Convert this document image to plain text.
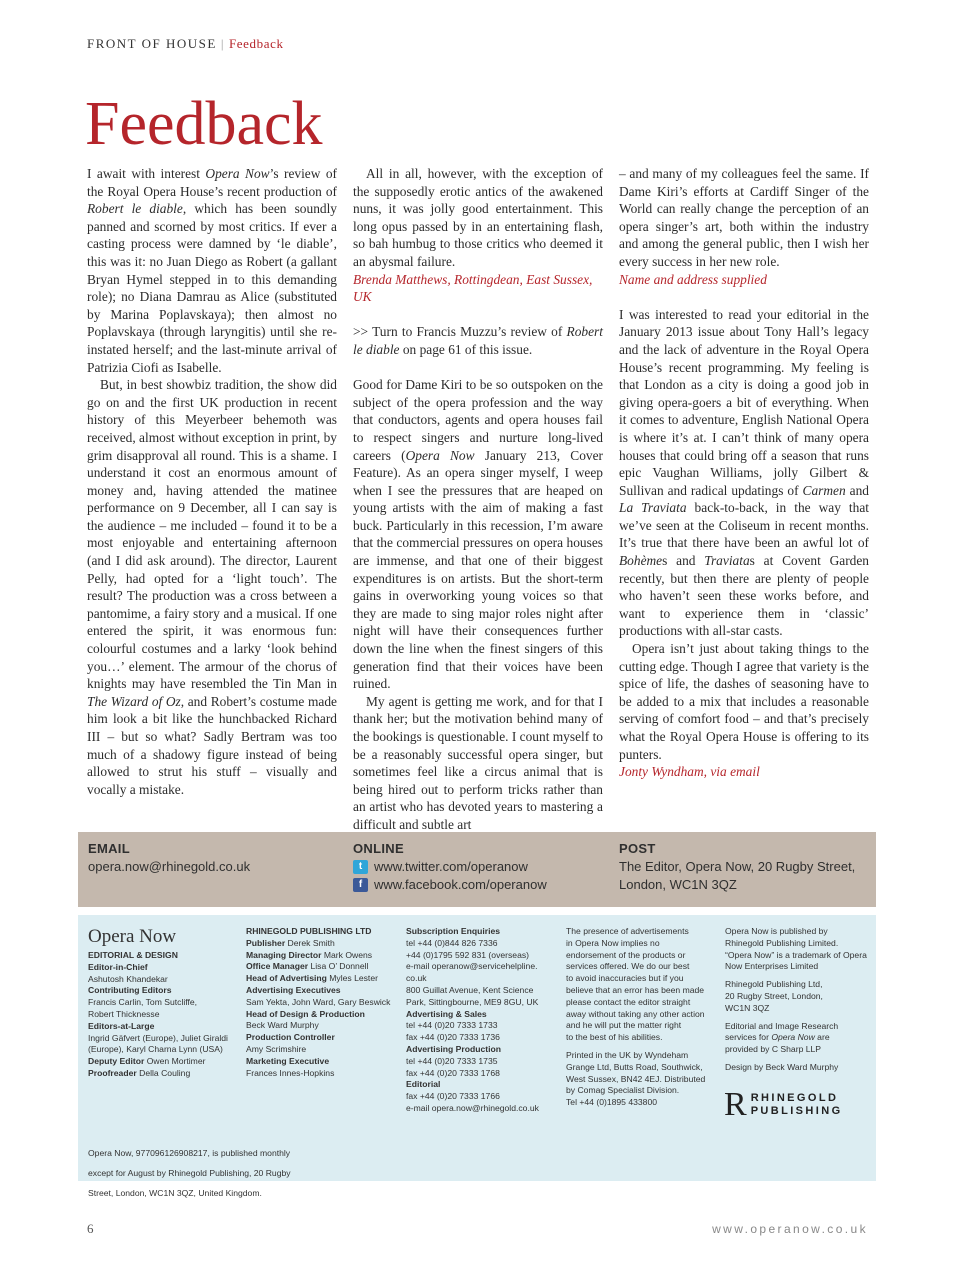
FRONT OF HOUSE | Feedback
Feedback

I await with interest Opera Now’s review of the Royal Opera House’s recent production of Robert le diable, which has been soundly panned and scorned by most critics. If ever a casting process were damned by ‘le diable’, this was it: no Juan Diego as Robert (a gallant Bryan Hymel stepped in to this demanding role); no Diana Damrau as Alice (substituted by Marina Poplavskaya); then almost no Poplavskaya (through laryngitis) until she re-instated herself; and the last-minute arrival of Patrizia Ciofi as Isabelle.

But, in best showbiz tradition, the show did go on and the first UK production in recent history of this Meyerbeer behemoth was received, almost without exception in print, by grim disapproval all round. This is a shame. I understand it cost an enormous amount of money and, having attended the matinee performance on 9 December, all I can say is the audience – me included – found it to be a most enjoyable and entertaining afternoon (and I did ask around). The director, Laurent Pelly, had opted for a ‘light touch’. The result? The production was a cross between a pantomime, a fairy story and a musical. If one entered the spirit, it was enormous fun: colourful costumes and a larky ‘look behind you…’ element. The armour of the chorus of knights may have resembled the Tin Man in The Wizard of Oz, and Robert’s costume made him look a bit like the hunchbacked Richard III – but so what? Sadly Bertram was too much of a shadowy figure instead of being allowed to strut his stuff – visually and vocally a mistake.

All in all, however, with the exception of the supposedly erotic antics of the awakened nuns, it was jolly good entertainment. This long opus passed by in an entertaining flash, so bah humbug to those critics who deemed it an abysmal failure.

Brenda Matthews, Rottingdean, East Sussex, UK

>> Turn to Francis Muzzu’s review of Robert le diable on page 61 of this issue.

Good for Dame Kiri to be so outspoken on the subject of the opera profession and the way that conductors, agents and opera houses fail to respect singers and nurture long-lived careers (Opera Now January 213, Cover Feature). As an opera singer myself, I weep when I see the pressures that are heaped on young artists with the aim of making a fast buck. Particularly in this recession, I’m aware that the commercial pressures on opera houses are immense, and that one of their biggest expenditures is on artists. But the short-term gains in overworking young voices so that they are made to sing major roles night after night will have their consequences further down the line when the finest singers of this generation find that their voices have been ruined.

My agent is getting me work, and for that I thank her; but the motivation behind many of the bookings is questionable. I count myself to be a reasonably successful opera singer, but sometimes feel like a circus animal that is being hired out to perform tricks rather than an artist who has devoted years to mastering a difficult and subtle art

– and many of my colleagues feel the same. If Dame Kiri’s efforts at Cardiff Singer of the World can really change the perception of an opera singer’s art, both within the industry and among the general public, then I wish her every success in her new role.

Name and address supplied

I was interested to read your editorial in the January 2013 issue about Tony Hall’s legacy and the lack of adventure in the Royal Opera House’s recent programming. My feeling is that London as a city is doing a good job in giving opera-goers a bit of everything. When it comes to adventure, English National Opera is where it’s at. I can’t think of many opera houses that could bring off a season that runs epic Vaughan Williams, jolly Gilbert & Sullivan and radical updatings of Carmen and La Traviata back-to-back, in the way that we’ve seen at the Coliseum in recent months. It’s true that there have been an awful lot of Bohèmes and Traviatas at Covent Garden recently, but then there are plenty of people who haven’t seen these works before, and want to experience them in ‘classic’ productions with all-star casts.

Opera isn’t just about taking things to the cutting edge. Though I agree that variety is the spice of life, the dashes of seasoning have to be added to a mix that includes a reasonable serving of comfort food – and that’s precisely what the Royal Opera House is offering to its punters.

Jonty Wyndham, via email

EMAIL
opera.now@rhinegold.co.uk
ONLINE
t www.twitter.com/operanow
f www.facebook.com/operanow
POST
The Editor, Opera Now, 20 Rugby Street,
London, WC1N 3QZ
Opera Now

EDITORIAL & DESIGN

Editor-in-Chief

Ashutosh Khandekar

Contributing Editors

Francis Carlin, Tom Sutcliffe,

Robert Thicknesse

Editors-at-Large

Ingrid Gäfvert (Europe), Juliet Giraldi

(Europe), Karyl Charna Lynn (USA)

Deputy Editor Owen Mortimer

Proofreader Della Couling

RHINEGOLD PUBLISHING LTD

Publisher Derek Smith

Managing Director Mark Owens

Office Manager Lisa O’ Donnell

Head of Advertising Myles Lester

Advertising Executives

Sam Yekta, John Ward, Gary Beswick

Head of Design & Production

Beck Ward Murphy

Production Controller

Amy Scrimshire

Marketing Executive

Frances Innes-Hopkins

Subscription Enquiries

tel +44 (0)844 826 7336

+44 (0)1795 592 831 (overseas)

e-mail operanow@servicehelpline.

co.uk

800 Guillat Avenue, Kent Science

Park, Sittingbourne, ME9 8GU, UK

Advertising & Sales

tel +44 (0)20 7333 1733

fax +44 (0)20 7333 1736

Advertising Production

tel +44 (0)20 7333 1735

fax +44 (0)20 7333 1768

Editorial

fax +44 (0)20 7333 1766

e-mail opera.now@rhinegold.co.uk

The presence of advertisements

in Opera Now implies no

endorsement of the products or

services offered. We do our best

to avoid inaccuracies but if you

believe that an error has been made

please contact the editor straight

away without taking any other action

and he will put the matter right

to the best of his abilities.

Printed in the UK by Wyndeham

Grange Ltd, Butts Road, Southwick,

West Sussex, BN42 4EJ. Distributed

by Comag Specialist Division.

Tel +44 (0)1895 433800

Opera Now is published by

Rhinegold Publishing Limited.

“Opera Now” is a trademark of Opera

Now Enterprises Limited

Rhinegold Publishing Ltd,

20 Rugby Street, London,

WC1N 3QZ

Editorial and Image Research

services for Opera Now are

provided by C Sharp LLP

Design by Beck Ward Murphy

R RHINEGOLD
PUBLISHING

Opera Now, 977096126908217, is published monthly

except for August by Rhinegold Publishing, 20 Rugby

Street, London, WC1N 3QZ, United Kingdom.

6	www.operanow.co.uk
